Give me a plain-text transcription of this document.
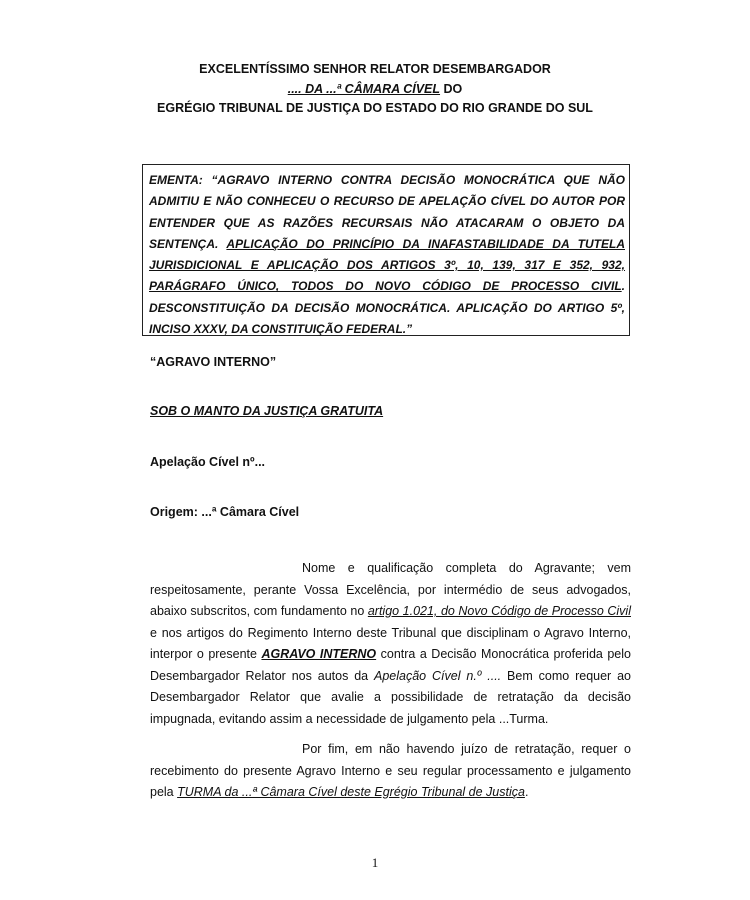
EXCELENTÍSSIMO SENHOR RELATOR DESEMBARGADOR
.... DA ...ª CÂMARA CÍVEL DO
EGRÉGIO TRIBUNAL DE JUSTIÇA DO ESTADO DO RIO GRANDE DO SUL
EMENTA: “AGRAVO INTERNO CONTRA DECISÃO MONOCRÁTICA QUE NÃO ADMITIU E NÃO CONHECEU O RECURSO DE APELAÇÃO CÍVEL DO AUTOR POR ENTENDER QUE AS RAZÕES RECURSAIS NÃO ATACARAM O OBJETO DA SENTENÇA. APLICAÇÃO DO PRINCÍPIO DA INAFASTABILIDADE DA TUTELA JURISDICIONAL E APLICAÇÃO DOS ARTIGOS 3º, 10, 139, 317 E 352, 932, PARÁGRAFO ÚNICO, TODOS DO NOVO CÓDIGO DE PROCESSO CIVIL. DESCONSTITUIÇÃO DA DECISÃO MONOCRÁTICA. APLICAÇÃO DO ARTIGO 5º, INCISO XXXV, DA CONSTITUIÇÃO FEDERAL.”
“AGRAVO INTERNO”
SOB O MANTO DA JUSTIÇA GRATUITA
Apelação Cível nº...
Origem: ...ª Câmara Cível
Nome e qualificação completa do Agravante; vem respeitosamente, perante Vossa Excelência, por intermédio de seus advogados, abaixo subscritos, com fundamento no artigo 1.021, do Novo Código de Processo Civil e nos artigos do Regimento Interno deste Tribunal que disciplinam o Agravo Interno, interpor o presente AGRAVO INTERNO contra a Decisão Monocrática proferida pelo Desembargador Relator nos autos da Apelação Cível n.º .... Bem como requer ao Desembargador Relator que avalie a possibilidade de retratação da decisão impugnada, evitando assim a necessidade de julgamento pela ...Turma.
Por fim, em não havendo juízo de retratação, requer o recebimento do presente Agravo Interno e seu regular processamento e julgamento pela TURMA da ...ª Câmara Cível deste Egrégio Tribunal de Justiça.
1
